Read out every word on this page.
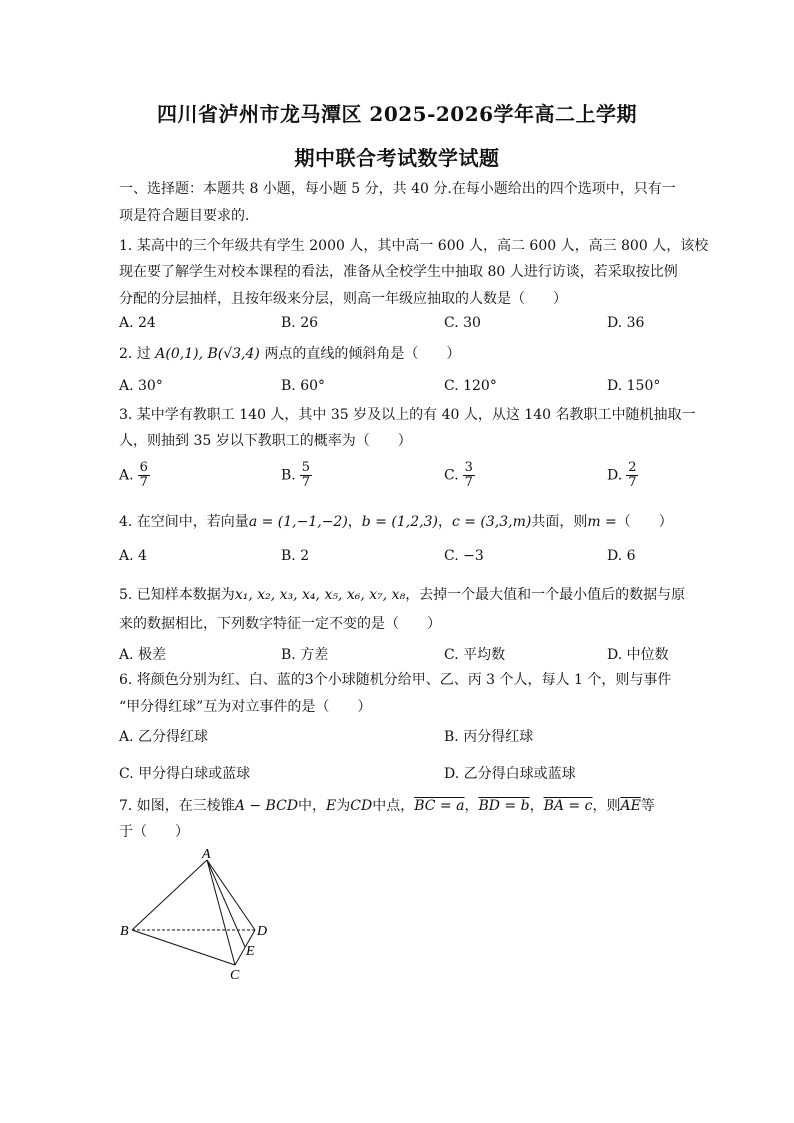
四川省泸州市龙马潭区 2025-2026学年高二上学期
期中联合考试数学试题
一、选择题：本题共 8 小题，每小题 5 分，共 40 分.在每小题给出的四个选项中，只有一
项是符合题目要求的.
1. 某高中的三个年级共有学生 2000 人，其中高一 600 人，高二 600 人，高三 800 人，该校
现在要了解学生对校本课程的看法，准备从全校学生中抽取 80 人进行访谈，若采取按比例
分配的分层抽样，且按年级来分层，则高一年级应抽取的人数是（　　）
A. 24	B. 26	C. 30	D. 36
2. 过 A(0,1), B(√3,4) 两点的直线的倾斜角是（　　）
A. 30°	B. 60°	C. 120°	D. 150°
3. 某中学有教职工 140 人，其中 35 岁及以上的有 40 人，从这 140 名教职工中随机抽取一
人，则抽到 35 岁以下教职工的概率为（　　）
A. $\frac{6}{7}$	B. $\frac{5}{7}$	C. $\frac{3}{7}$	D. $\frac{2}{7}$
4. 在空间中，若向量a = (1,−1,−2)，b = (1,2,3)，c = (3,3,m)共面，则m =（　　）
A. 4	B. 2	C. −3	D. 6
5. 已知样本数据为x₁, x₂, x₃, x₄, x₅, x₆, x₇, x₈，去掉一个最大值和一个最小值后的数据与原
来的数据相比，下列数字特征一定不变的是（　　）
A. 极差	B. 方差	C. 平均数	D. 中位数
6. 将颜色分别为红、白、蓝的3个小球随机分给甲、乙、丙 3 个人，每人 1 个，则与事件
“甲分得红球”互为对立事件的是（　　）
A. 乙分得红球	B. 丙分得红球
C. 甲分得白球或蓝球	D. 乙分得白球或蓝球
7. 如图，在三棱锥A − BCD中，E为CD中点，BC = a，BD = b，BA = c，则$\overline{AE}$等
于（　　）
A
B
C
D
E
